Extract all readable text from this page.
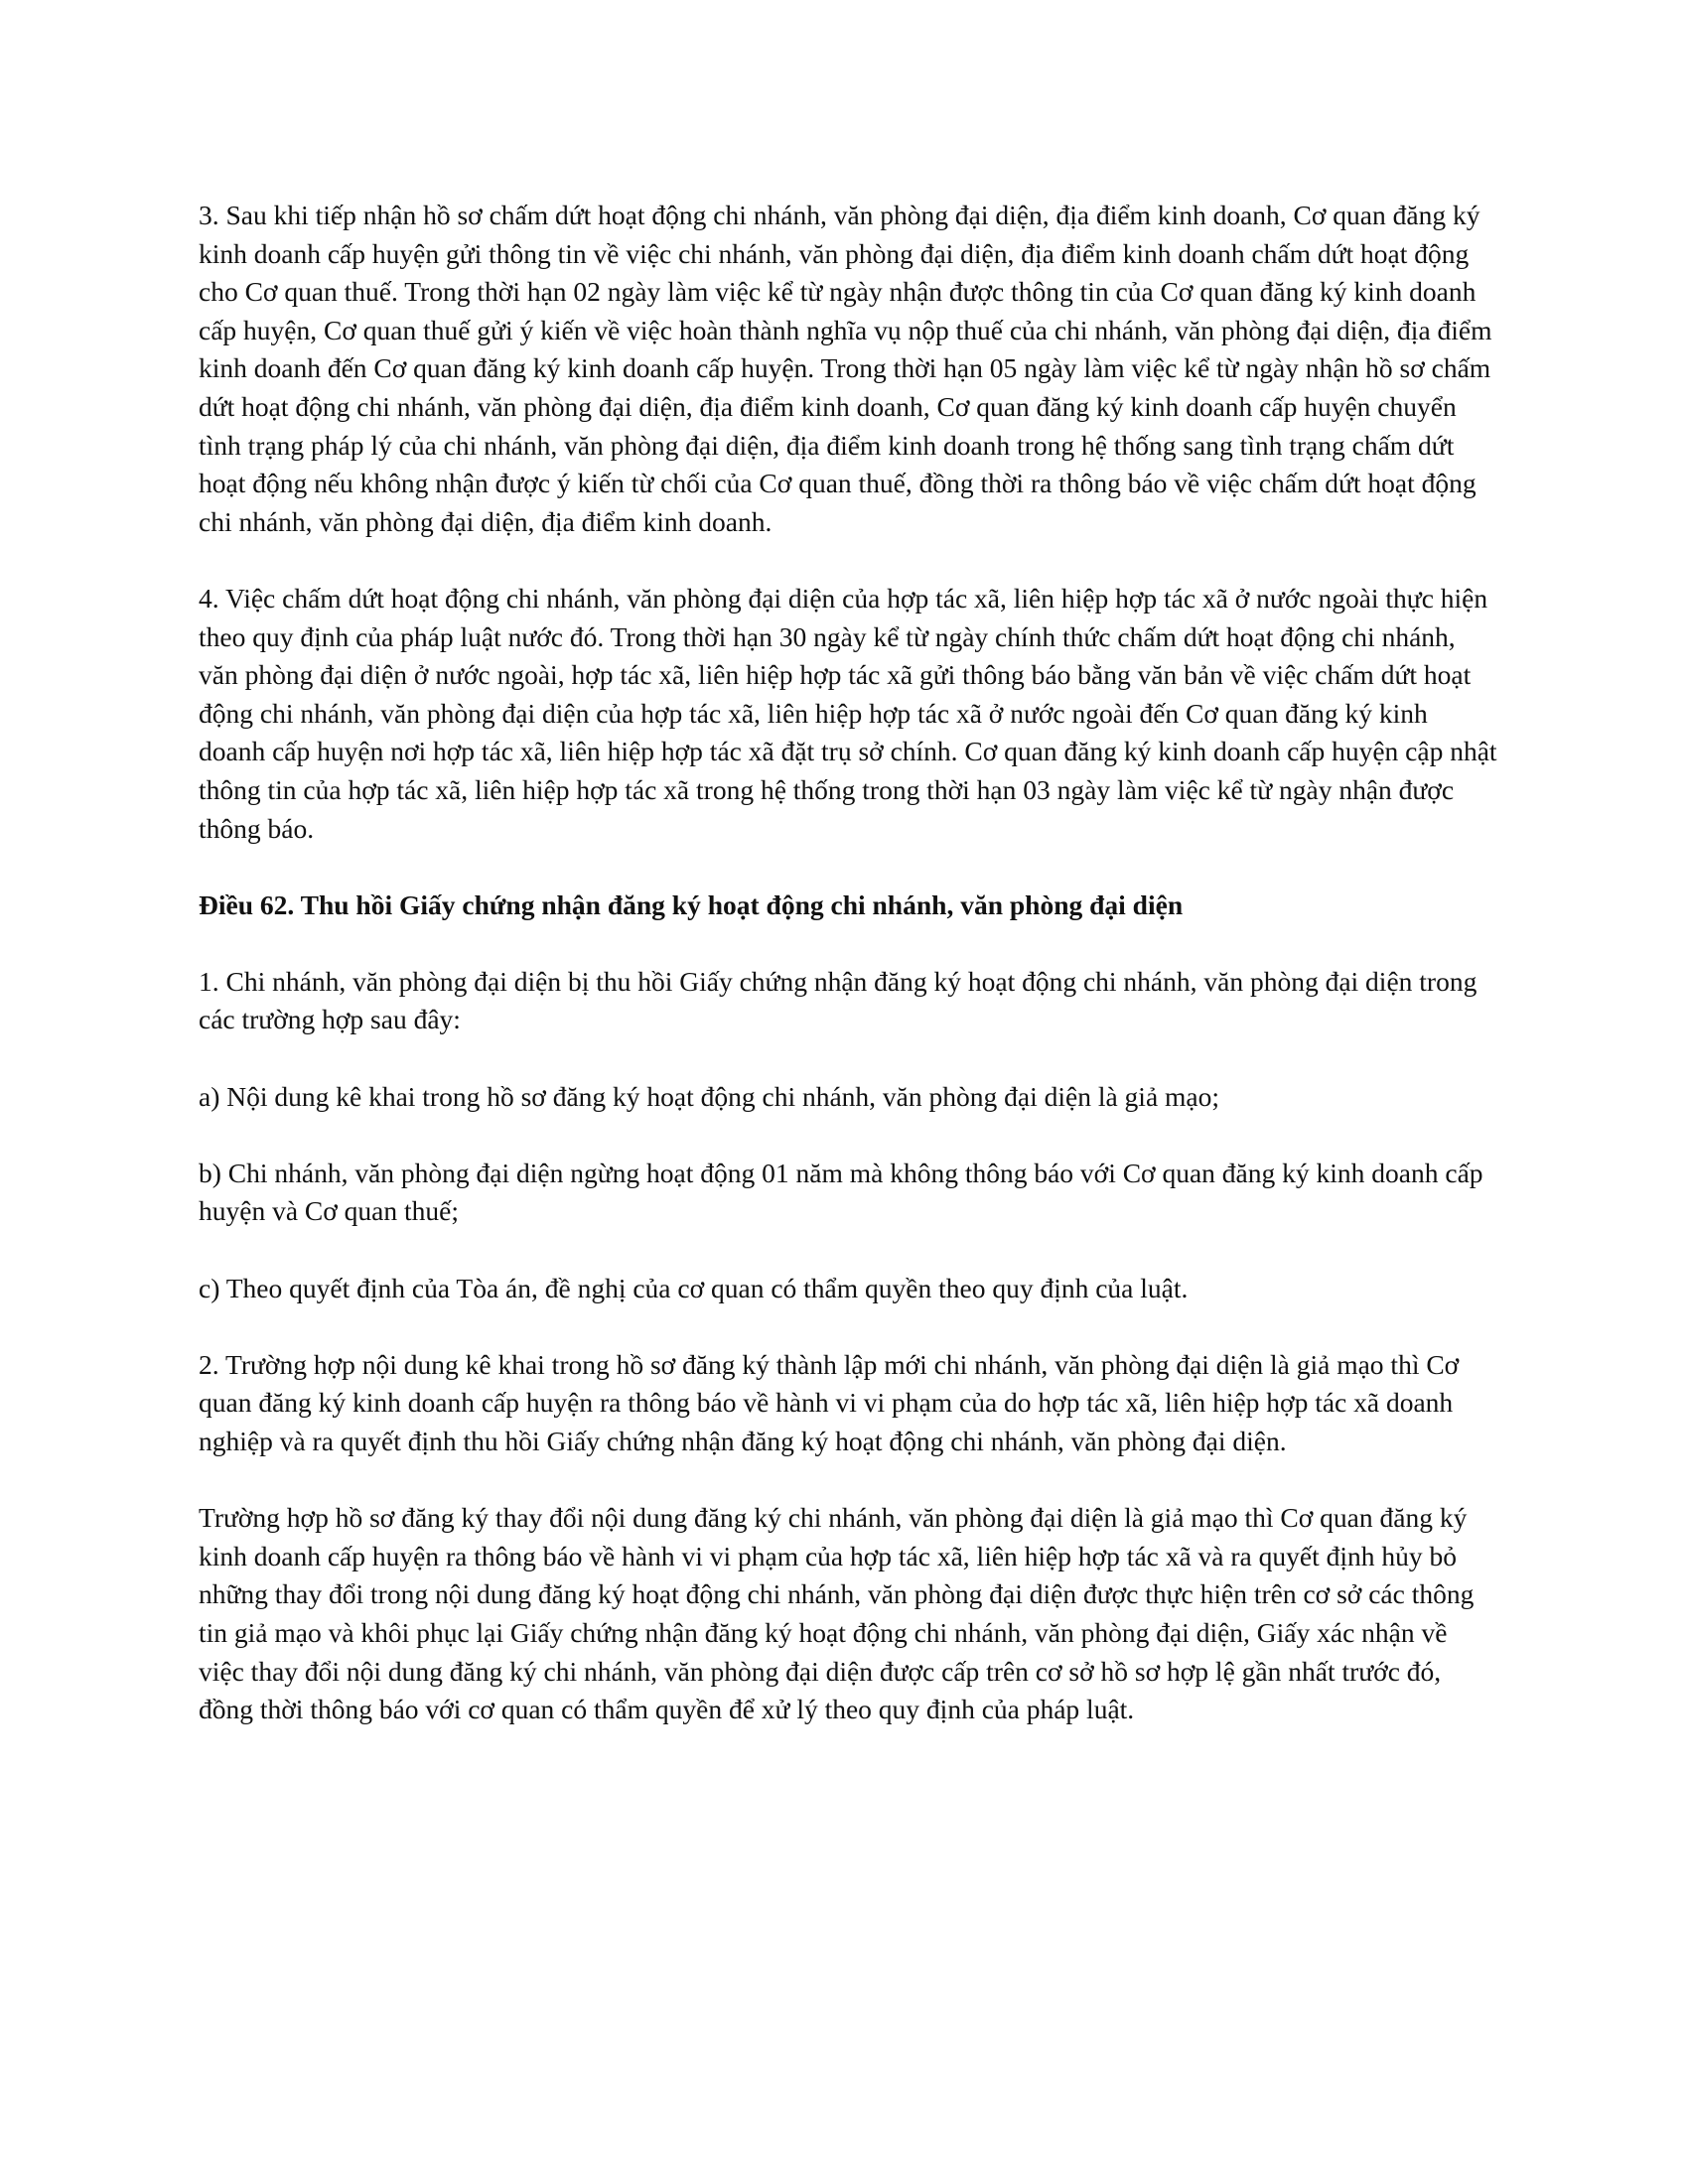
3. Sau khi tiếp nhận hồ sơ chấm dứt hoạt động chi nhánh, văn phòng đại diện, địa điểm kinh doanh, Cơ quan đăng ký kinh doanh cấp huyện gửi thông tin về việc chi nhánh, văn phòng đại diện, địa điểm kinh doanh chấm dứt hoạt động cho Cơ quan thuế. Trong thời hạn 02 ngày làm việc kể từ ngày nhận được thông tin của Cơ quan đăng ký kinh doanh cấp huyện, Cơ quan thuế gửi ý kiến về việc hoàn thành nghĩa vụ nộp thuế của chi nhánh, văn phòng đại diện, địa điểm kinh doanh đến Cơ quan đăng ký kinh doanh cấp huyện. Trong thời hạn 05 ngày làm việc kể từ ngày nhận hồ sơ chấm dứt hoạt động chi nhánh, văn phòng đại diện, địa điểm kinh doanh, Cơ quan đăng ký kinh doanh cấp huyện chuyển tình trạng pháp lý của chi nhánh, văn phòng đại diện, địa điểm kinh doanh trong hệ thống sang tình trạng chấm dứt hoạt động nếu không nhận được ý kiến từ chối của Cơ quan thuế, đồng thời ra thông báo về việc chấm dứt hoạt động chi nhánh, văn phòng đại diện, địa điểm kinh doanh.

4. Việc chấm dứt hoạt động chi nhánh, văn phòng đại diện của hợp tác xã, liên hiệp hợp tác xã ở nước ngoài thực hiện theo quy định của pháp luật nước đó. Trong thời hạn 30 ngày kể từ ngày chính thức chấm dứt hoạt động chi nhánh, văn phòng đại diện ở nước ngoài, hợp tác xã, liên hiệp hợp tác xã gửi thông báo bằng văn bản về việc chấm dứt hoạt động chi nhánh, văn phòng đại diện của hợp tác xã, liên hiệp hợp tác xã ở nước ngoài đến Cơ quan đăng ký kinh doanh cấp huyện nơi hợp tác xã, liên hiệp hợp tác xã đặt trụ sở chính. Cơ quan đăng ký kinh doanh cấp huyện cập nhật thông tin của hợp tác xã, liên hiệp hợp tác xã trong hệ thống trong thời hạn 03 ngày làm việc kể từ ngày nhận được thông báo.

Điều 62. Thu hồi Giấy chứng nhận đăng ký hoạt động chi nhánh, văn phòng đại diện

1. Chi nhánh, văn phòng đại diện bị thu hồi Giấy chứng nhận đăng ký hoạt động chi nhánh, văn phòng đại diện trong các trường hợp sau đây:

a) Nội dung kê khai trong hồ sơ đăng ký hoạt động chi nhánh, văn phòng đại diện là giả mạo;

b) Chi nhánh, văn phòng đại diện ngừng hoạt động 01 năm mà không thông báo với Cơ quan đăng ký kinh doanh cấp huyện và Cơ quan thuế;

c) Theo quyết định của Tòa án, đề nghị của cơ quan có thẩm quyền theo quy định của luật.

2. Trường hợp nội dung kê khai trong hồ sơ đăng ký thành lập mới chi nhánh, văn phòng đại diện là giả mạo thì Cơ quan đăng ký kinh doanh cấp huyện ra thông báo về hành vi vi phạm của do hợp tác xã, liên hiệp hợp tác xã doanh nghiệp và ra quyết định thu hồi Giấy chứng nhận đăng ký hoạt động chi nhánh, văn phòng đại diện.

Trường hợp hồ sơ đăng ký thay đổi nội dung đăng ký chi nhánh, văn phòng đại diện là giả mạo thì Cơ quan đăng ký kinh doanh cấp huyện ra thông báo về hành vi vi phạm của hợp tác xã, liên hiệp hợp tác xã và ra quyết định hủy bỏ những thay đổi trong nội dung đăng ký hoạt động chi nhánh, văn phòng đại diện được thực hiện trên cơ sở các thông tin giả mạo và khôi phục lại Giấy chứng nhận đăng ký hoạt động chi nhánh, văn phòng đại diện, Giấy xác nhận về việc thay đổi nội dung đăng ký chi nhánh, văn phòng đại diện được cấp trên cơ sở hồ sơ hợp lệ gần nhất trước đó, đồng thời thông báo với cơ quan có thẩm quyền để xử lý theo quy định của pháp luật.
